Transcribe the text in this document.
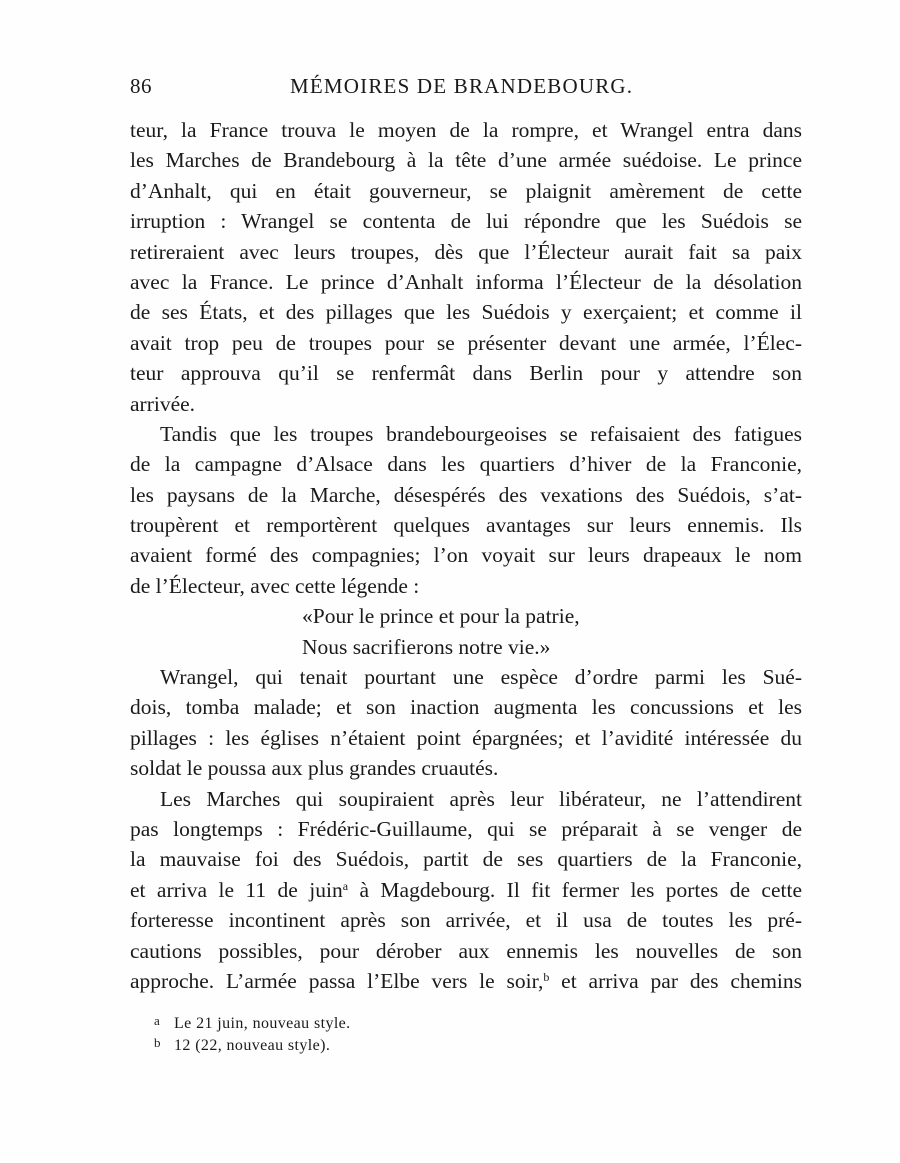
86	MÉMOIRES DE BRANDEBOURG.
teur, la France trouva le moyen de la rompre, et Wrangel entra dans
les Marches de Brandebourg à la tête d’une armée suédoise. Le prince
d’Anhalt, qui en était gouverneur, se plaignit amèrement de cette
irruption : Wrangel se contenta de lui répondre que les Suédois se
retireraient avec leurs troupes, dès que l’Électeur aurait fait sa paix
avec la France. Le prince d’Anhalt informa l’Électeur de la désolation
de ses États, et des pillages que les Suédois y exerçaient; et comme il
avait trop peu de troupes pour se présenter devant une armée, l’Élec-
teur approuva qu’il se renfermât dans Berlin pour y attendre son
arrivée.
Tandis que les troupes brandebourgeoises se refaisaient des fatigues
de la campagne d’Alsace dans les quartiers d’hiver de la Franconie,
les paysans de la Marche, désespérés des vexations des Suédois, s’at-
troupèrent et remportèrent quelques avantages sur leurs ennemis. Ils
avaient formé des compagnies; l’on voyait sur leurs drapeaux le nom
de l’Électeur, avec cette légende :
«Pour le prince et pour la patrie,
Nous sacrifierons notre vie.»
Wrangel, qui tenait pourtant une espèce d’ordre parmi les Sué-
dois, tomba malade; et son inaction augmenta les concussions et les
pillages : les églises n’étaient point épargnées; et l’avidité intéressée du
soldat le poussa aux plus grandes cruautés.
Les Marches qui soupiraient après leur libérateur, ne l’attendirent
pas longtemps : Frédéric-Guillaume, qui se préparait à se venger de
la mauvaise foi des Suédois, partit de ses quartiers de la Franconie,
et arriva le 11 de juin$^a$ à Magdebourg. Il fit fermer les portes de cette
forteresse incontinent après son arrivée, et il usa de toutes les pré-
cautions possibles, pour dérober aux ennemis les nouvelles de son
approche. L’armée passa l’Elbe vers le soir,$^b$ et arriva par des chemins
a Le 21 juin, nouveau style.
b 12 (22, nouveau style).
